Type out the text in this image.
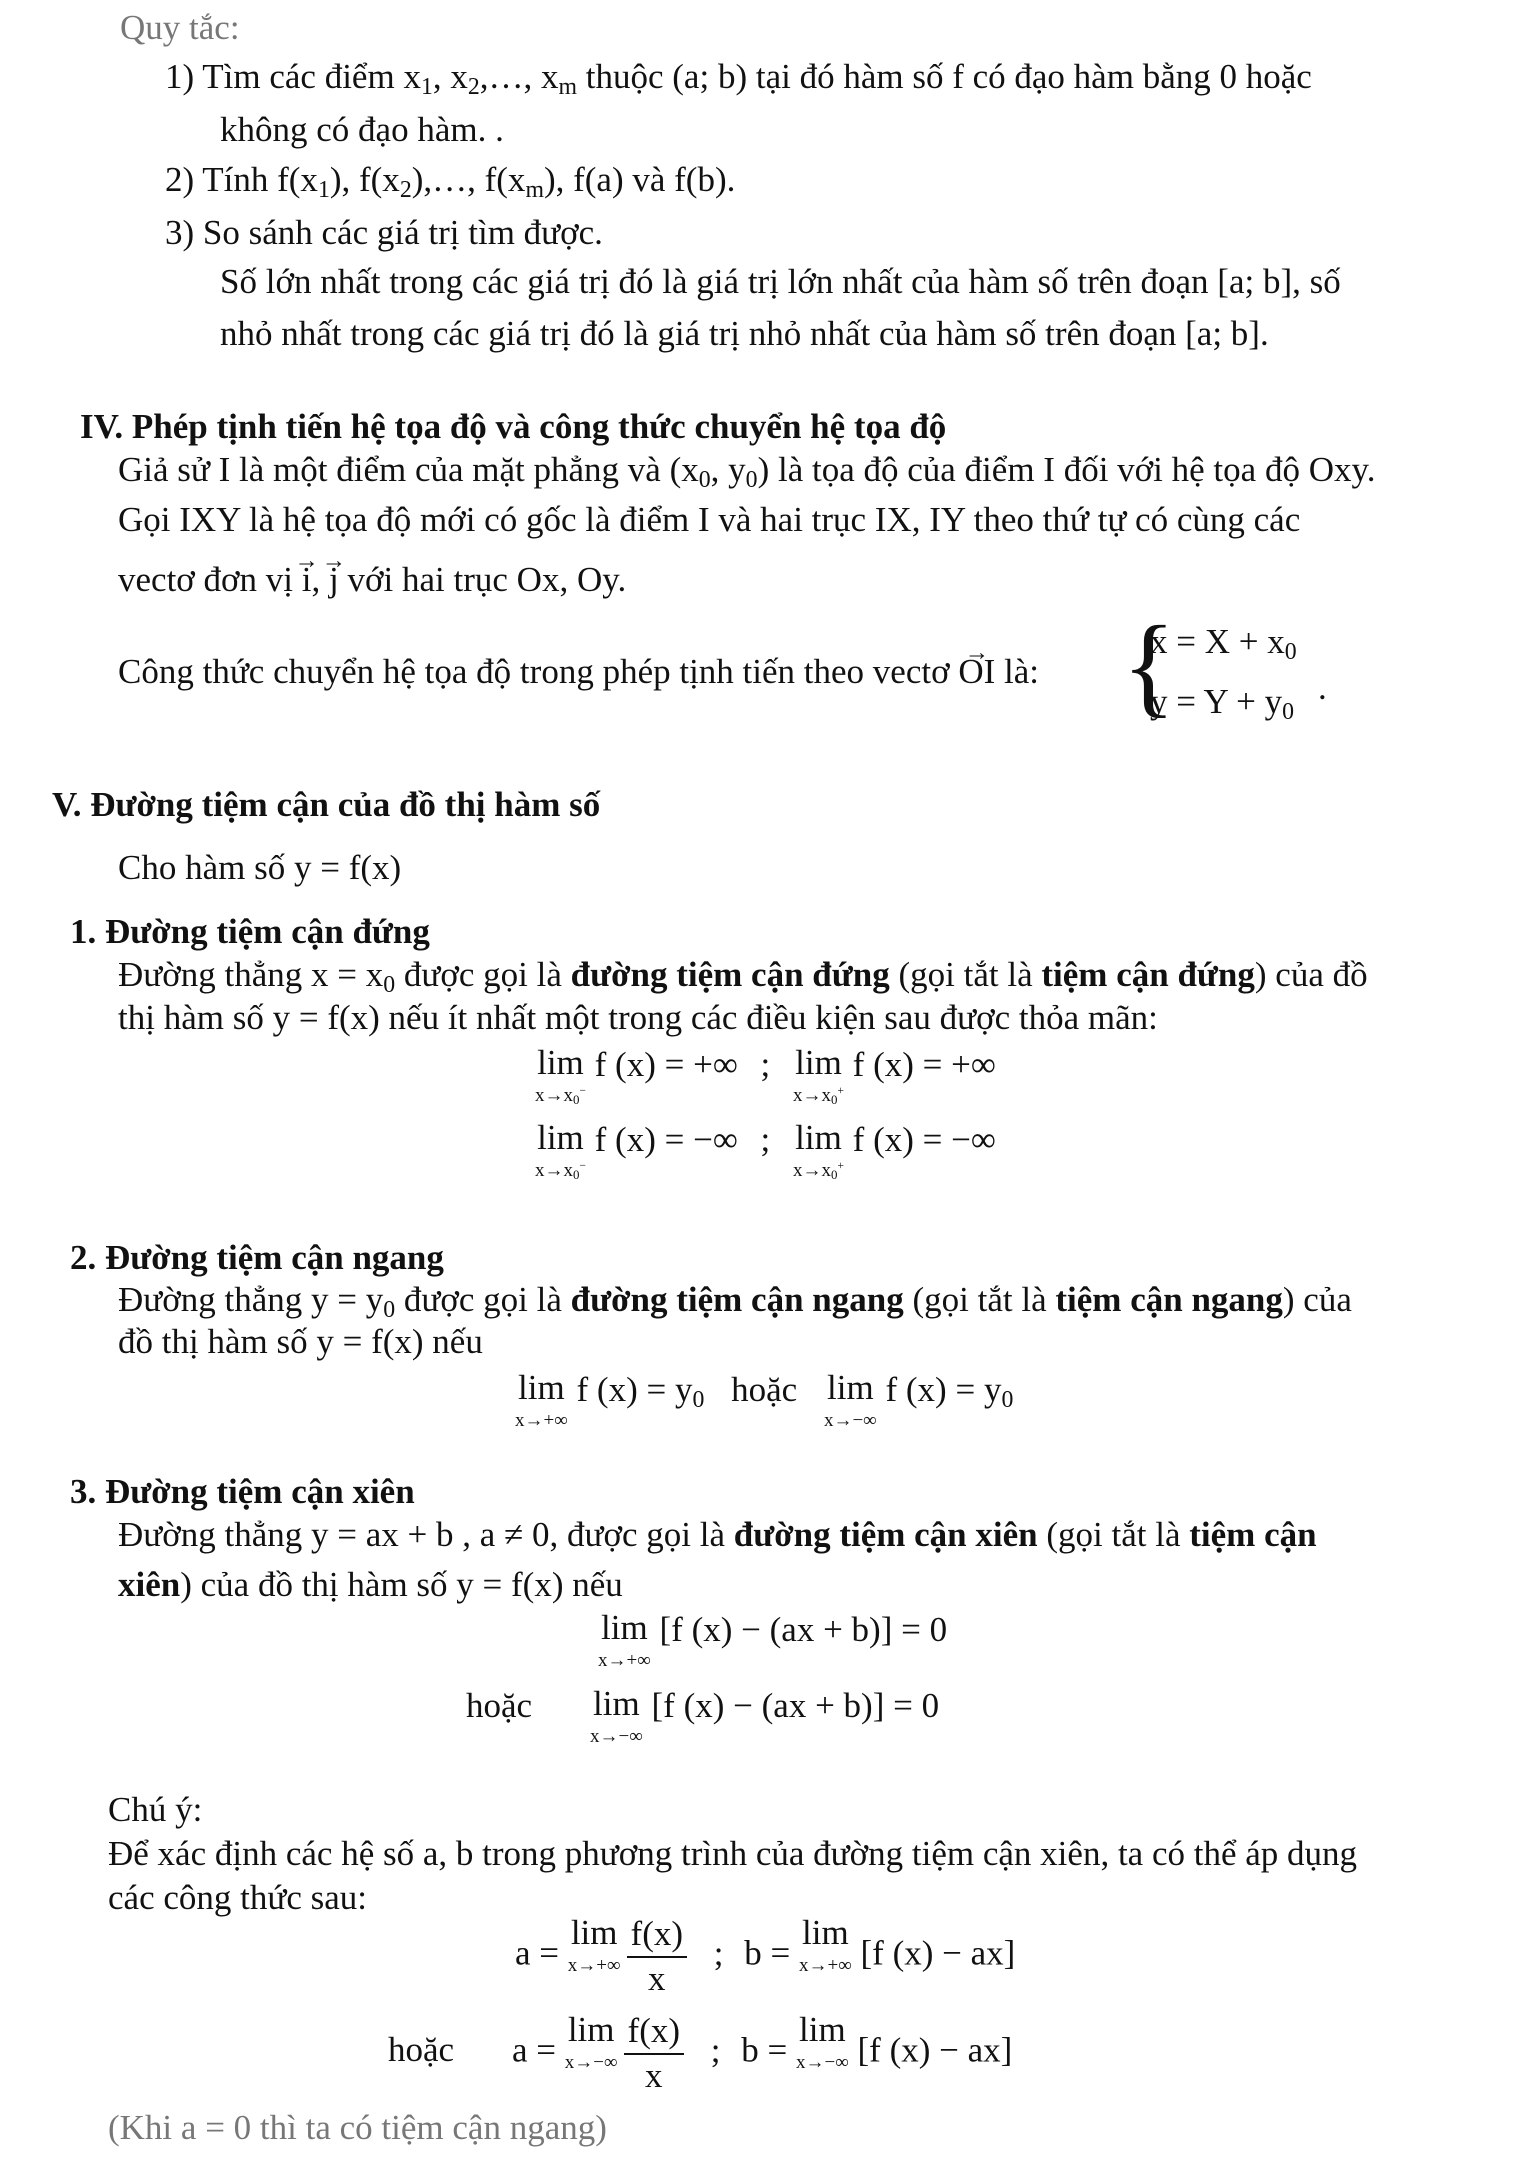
Quy tắc:
1) Tìm các điểm $x_1$, $x_2,\dots$, $x_m$ thuộc (a; b) tại đó hàm số f có đạo hàm bằng 0 hoặc
không có đạo hàm. .
2) Tính $f(x_1)$, $f(x_2),\dots$, $f(x_m)$, f(a) và f(b).
3) So sánh các giá trị tìm được.
Số lớn nhất trong các giá trị đó là giá trị lớn nhất của hàm số trên đoạn [a; b], số
nhỏ nhất trong các giá trị đó là giá trị nhỏ nhất của hàm số trên đoạn [a; b].
IV. Phép tịnh tiến hệ tọa độ và công thức chuyển hệ tọa độ
Giả sử I là một điểm của mặt phẳng và ($x_0$, $y_0$) là tọa độ của điểm I đối với hệ tọa độ Oxy.
Gọi IXY là hệ tọa độ mới có gốc là điểm I và hai trục IX, IY theo thứ tự có cùng các
vectơ đơn vị → i, → j với hai trục Ox, Oy.
Công thức chuyển hệ tọa độ trong phép tịnh tiến theo vectơ → OI là: {
$x = X + x_0$
$y = Y + y_0$
.
V. Đường tiệm cận của đồ thị hàm số
Cho hàm số y = f(x)
1. Đường tiệm cận đứng
Đường thẳng $x = x_0$ được gọi là đường tiệm cận đứng (gọi tắt là tiệm cận đứng) của đồ
thị hàm số y = f(x) nếu ít nhất một trong các điều kiện sau được thỏa mãn:
lim
$x\to x_0^-$
f (x) = +∞ ; lim
$x\to x_0^+$
f (x) = +∞
lim
$x\to x_0^-$
f (x) = −∞ ; lim
$x\to x_0^+$
f (x) = −∞
2. Đường tiệm cận ngang
Đường thẳng $y = y_0$ được gọi là đường tiệm cận ngang (gọi tắt là tiệm cận ngang) của
đồ thị hàm số y = f(x) nếu
lim
x→+∞
f $(x) = y_0$ hoặc lim
x→−∞
f $(x) = y_0$
3. Đường tiệm cận xiên
Đường thẳng y = ax + b , a ≠ 0, được gọi là đường tiệm cận xiên (gọi tắt là tiệm cận
xiên) của đồ thị hàm số y = f(x) nếu
lim
x→+∞
[f (x) − (ax + b)] = 0
hoặc lim
x→−∞
[f (x) − (ax + b)] = 0
Chú ý:
Để xác định các hệ số a, b trong phương trình của đường tiệm cận xiên, ta có thể áp dụng
các công thức sau:
a =
lim
$x\to+\infty \frac{f(x)}{x}$ ; b =
lim
x→+∞ [f (x) − ax]
hoặc a =
lim
$x\to-\infty \frac{f(x)}{x}$ ; b =
lim
x→−∞ [f (x) − ax]
(Khi a = 0 thì ta có tiệm cận ngang)
